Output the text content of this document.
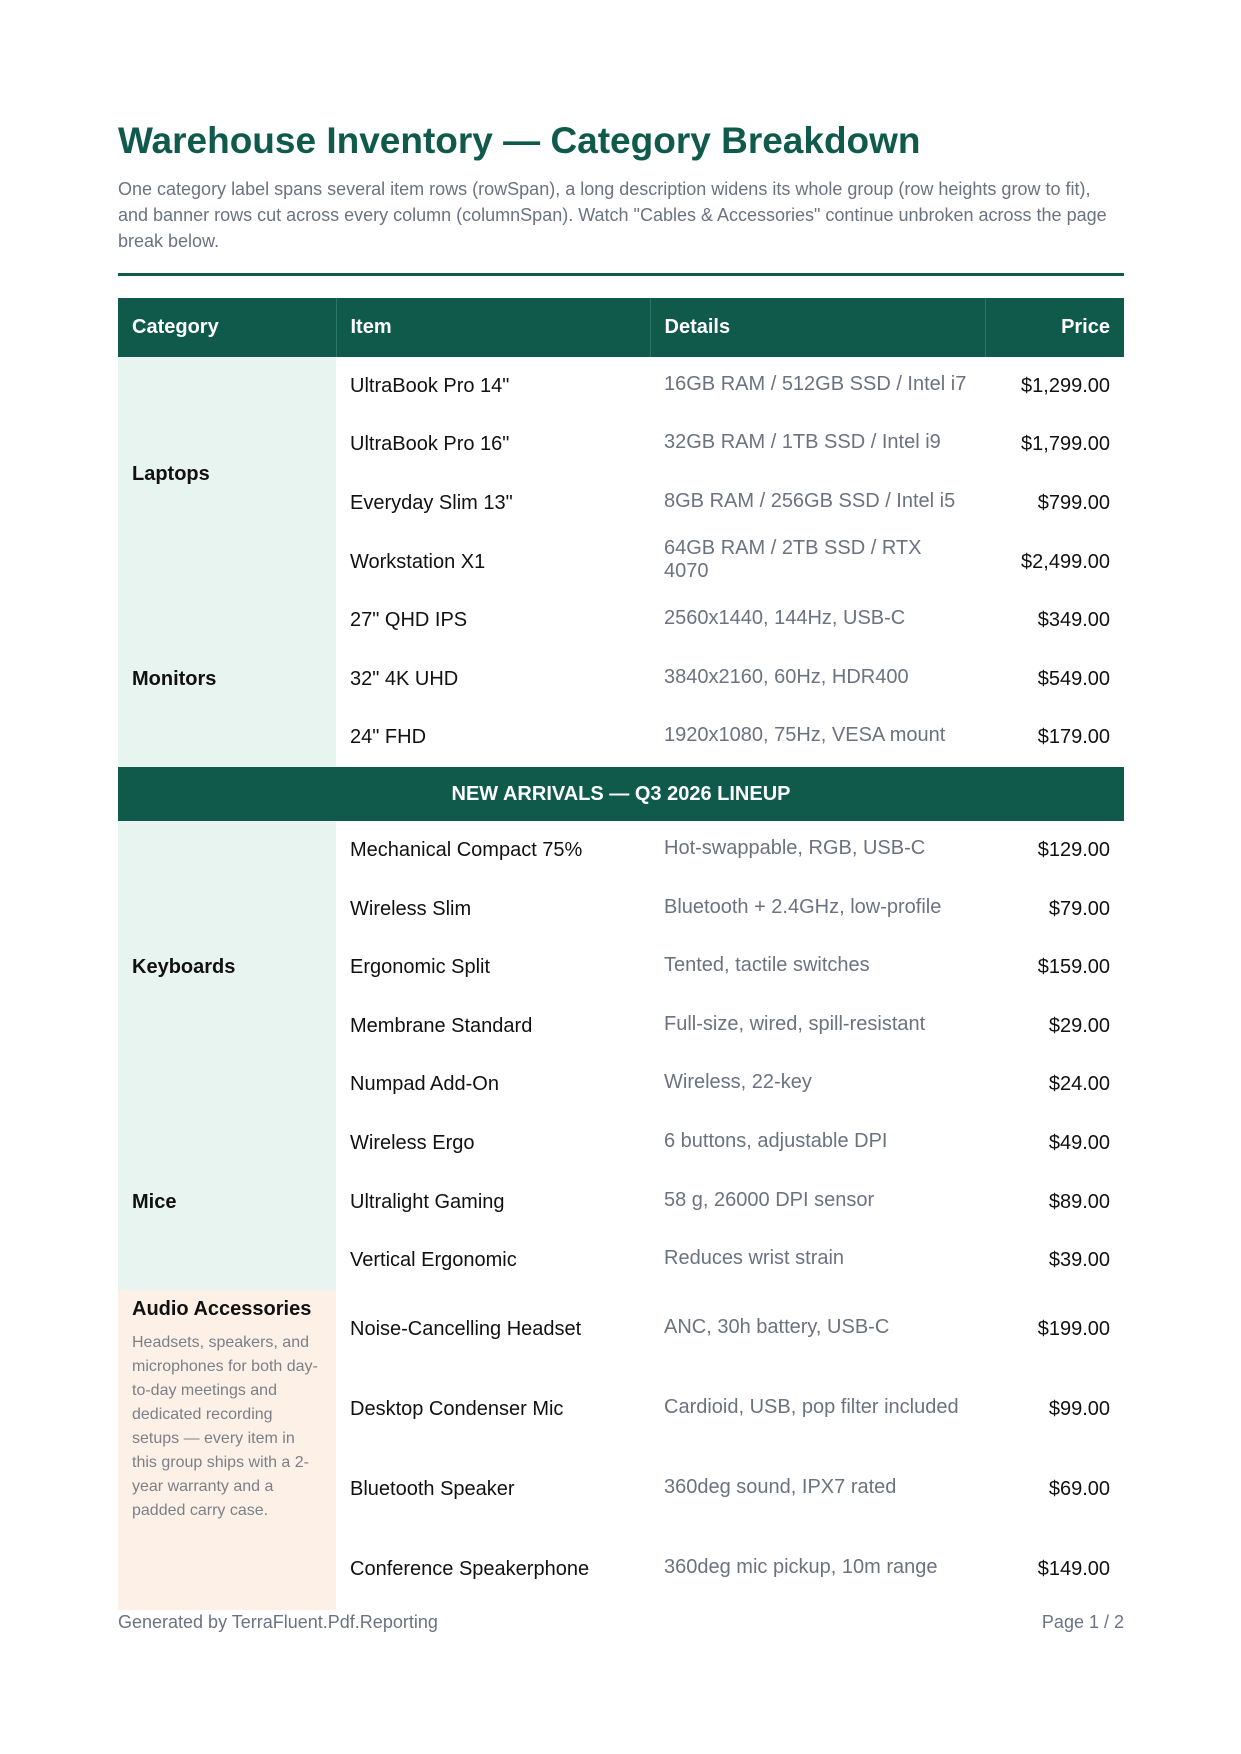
Warehouse Inventory — Category Breakdown

One category label spans several item rows (rowSpan), a long description widens its whole group (row heights grow to fit), and banner rows cut across every column (columnSpan). Watch "Cables & Accessories" continue unbroken across the page break below.

Category	Item	Details	Price
Laptops	UltraBook Pro 14"	16GB RAM / 512GB SSD / Intel i7	$1,299.00
	UltraBook Pro 16"	32GB RAM / 1TB SSD / Intel i9	$1,799.00
	Everyday Slim 13"	8GB RAM / 256GB SSD / Intel i5	$799.00
	Workstation X1	64GB RAM / 2TB SSD / RTX 4070	$2,499.00
Monitors	27" QHD IPS	2560x1440, 144Hz, USB-C	$349.00
	32" 4K UHD	3840x2160, 60Hz, HDR400	$549.00
	24" FHD	1920x1080, 75Hz, VESA mount	$179.00
NEW ARRIVALS — Q3 2026 LINEUP			
Keyboards	Mechanical Compact 75%	Hot-swappable, RGB, USB-C	$129.00
	Wireless Slim	Bluetooth + 2.4GHz, low-profile	$79.00
	Ergonomic Split	Tented, tactile switches	$159.00
	Membrane Standard	Full-size, wired, spill-resistant	$29.00
	Numpad Add-On	Wireless, 22-key	$24.00
Mice	Wireless Ergo	6 buttons, adjustable DPI	$49.00
	Ultralight Gaming	58 g, 26000 DPI sensor	$89.00
	Vertical Ergonomic	Reduces wrist strain	$39.00

Audio Accessories
Headsets, speakers, and microphones for both day-to-day meetings and dedicated recording setups — every item in this group ships with a 2-year warranty and a padded carry case.	Noise-Cancelling Headset	ANC, 30h battery, USB-C	$199.00
	Desktop Condenser Mic	Cardioid, USB, pop filter included	$99.00
	Bluetooth Speaker	360deg sound, IPX7 rated	$69.00
	Conference Speakerphone	360deg mic pickup, 10m range	$149.00
Generated by TerraFluent.Pdf.Reporting	Page 1 / 2
